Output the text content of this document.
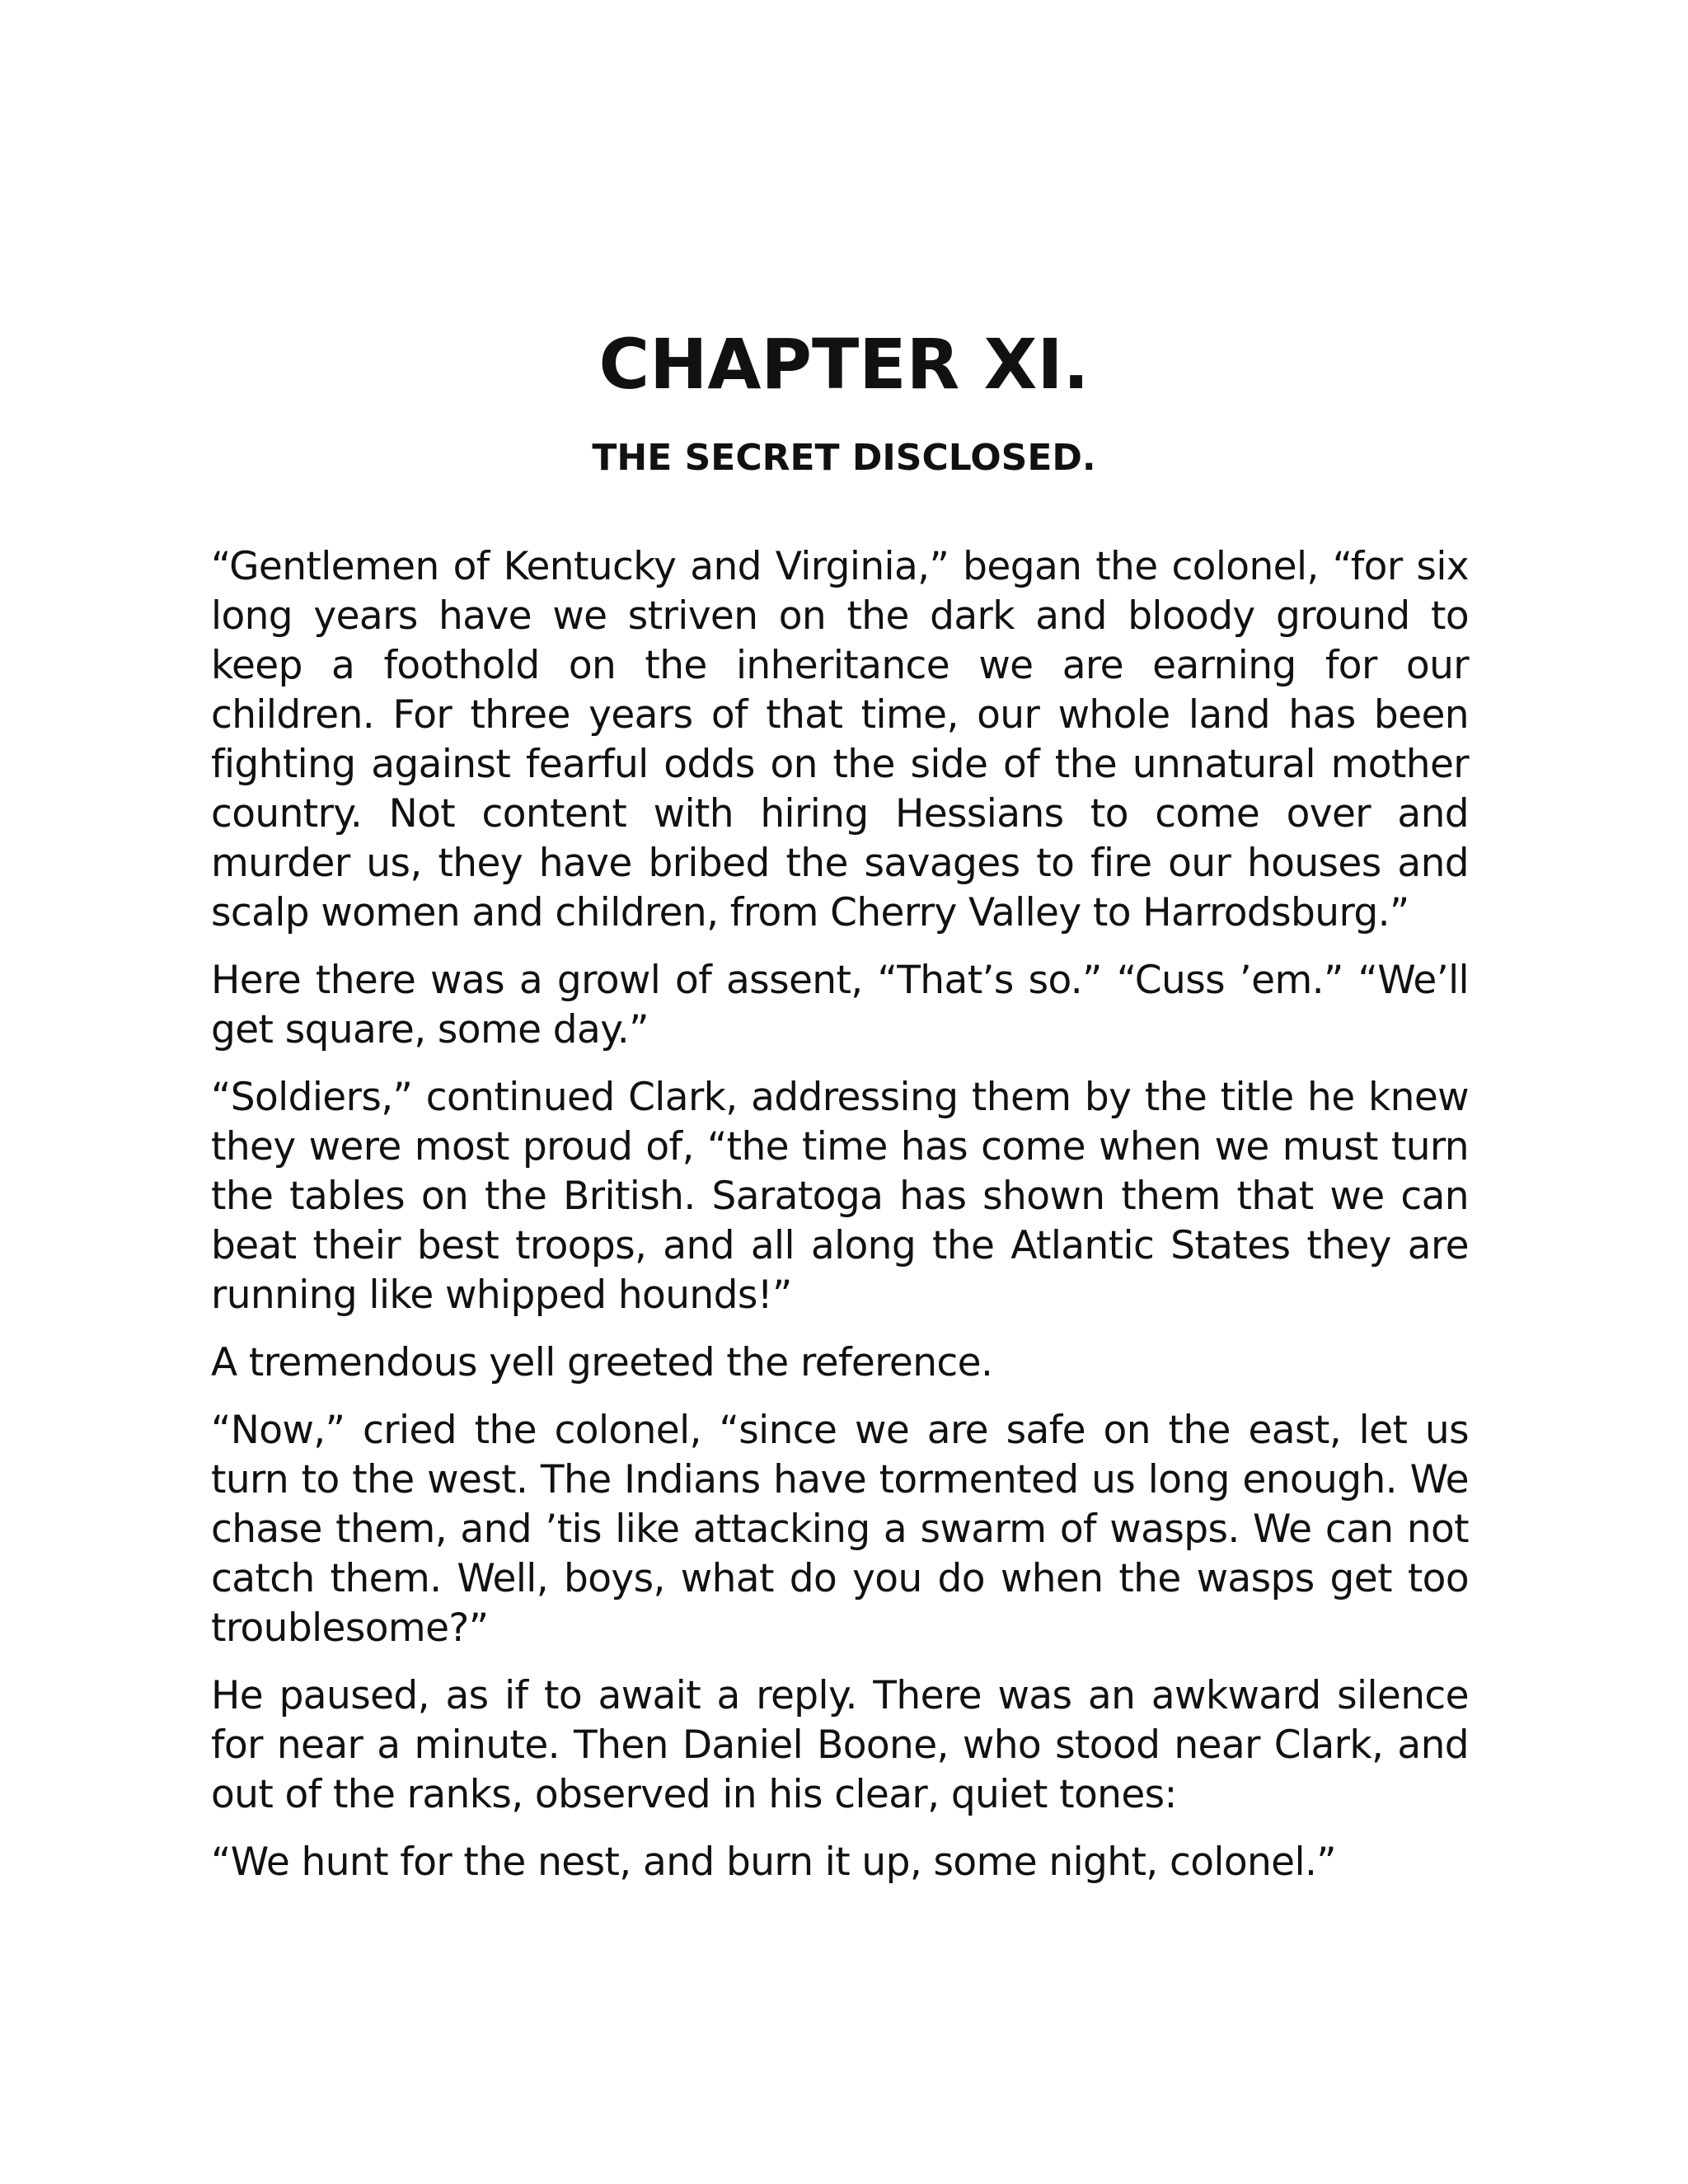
CHAPTER XI.
THE SECRET DISCLOSED.

“Gentlemen of Kentucky and Virginia,” began the colonel, “for six long years have we striven on the dark and bloody ground to keep a foothold on the inheritance we are earning for our children. For three years of that time, our whole land has been fighting against fearful odds on the side of the unnatural mother country. Not content with hiring Hessians to come over and murder us, they have bribed the savages to fire our houses and scalp women and children, from Cherry Valley to Harrodsburg.”

Here there was a growl of assent, “That’s so.” “Cuss ’em.” “We’ll get square, some day.”

“Soldiers,” continued Clark, addressing them by the title he knew they were most proud of, “the time has come when we must turn the tables on the British. Saratoga has shown them that we can beat their best troops, and all along the Atlantic States they are running like whipped hounds!”

A tremendous yell greeted the reference.

“Now,” cried the colonel, “since we are safe on the east, let us turn to the west. The Indians have tormented us long enough. We chase them, and ’tis like attacking a swarm of wasps. We can not catch them. Well, boys, what do you do when the wasps get too troublesome?”

He paused, as if to await a reply. There was an awkward silence for near a minute. Then Daniel Boone, who stood near Clark, and out of the ranks, observed in his clear, quiet tones:

“We hunt for the nest, and burn it up, some night, colonel.”
